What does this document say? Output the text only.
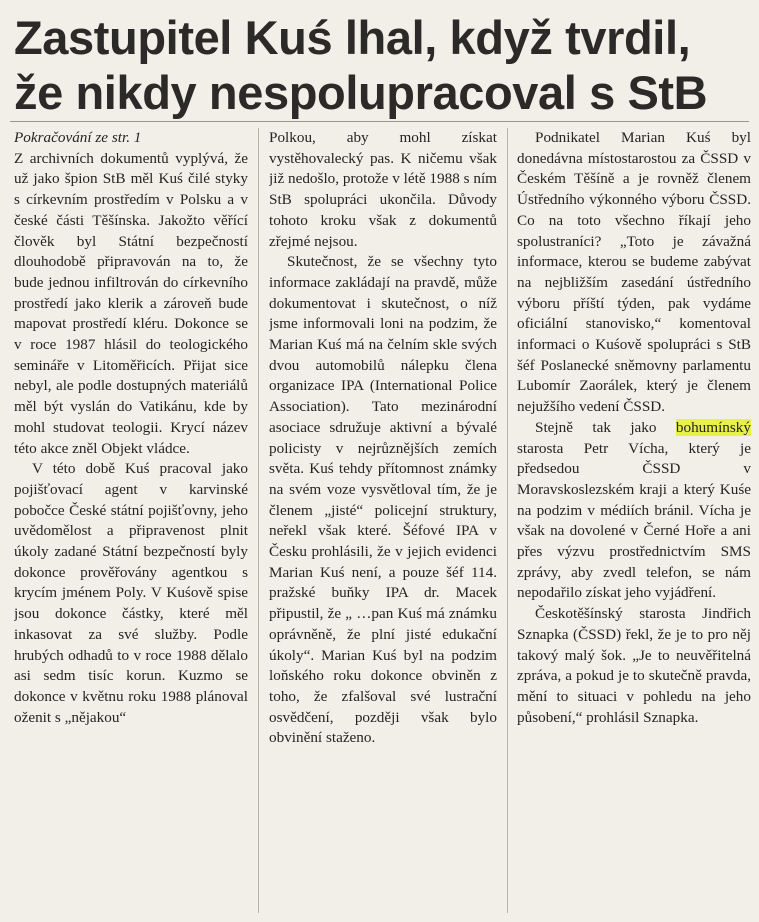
Zastupitel Kuś lhal, když tvrdil,
že nikdy nespolupracoval s StB
Pokračování ze str. 1

Z archivních dokumentů vyplývá, že už jako špion StB měl Kuś čilé styky s církevním prostředím v Polsku a v české části Těšínska. Jakožto věřící člověk byl Státní bezpečností dlouhodobě připravován na to, že bude jednou infiltrován do církevního prostředí jako klerik a zároveň bude mapovat prostředí kléru. Dokonce se v roce 1987 hlásil do teologického semináře v Litoměřicích. Přijat sice nebyl, ale podle dostupných materiálů měl být vyslán do Vatikánu, kde by mohl studovat teologii. Krycí název této akce zněl Objekt vládce.

V této době Kuś pracoval jako pojišťovací agent v karvinské pobočce České státní pojišťovny, jeho uvědomělost a připravenost plnit úkoly zadané Státní bezpečností byly dokonce prověřovány agentkou s krycím jménem Poly. V Kuśově spise jsou dokonce částky, které měl inkasovat za své služby. Podle hrubých odhadů to v roce 1988 dělalo asi sedm tisíc korun. Kuzmo se dokonce v květnu roku 1988 plánoval oženit s „nějakou“

Polkou, aby mohl získat vystěhovalecký pas. K ničemu však již nedošlo, protože v létě 1988 s ním StB spolupráci ukončila. Důvody tohoto kroku však z dokumentů zřejmé nejsou.

Skutečnost, že se všechny tyto informace zakládají na pravdě, může dokumentovat i skutečnost, o níž jsme informovali loni na podzim, že Marian Kuś má na čelním skle svých dvou automobilů nálepku člena organizace IPA (International Police Association). Tato mezinárodní asociace sdružuje aktivní a bývalé policisty v nejrůznějších zemích světa. Kuś tehdy přítomnost známky na svém voze vysvětloval tím, že je členem „jisté“ policejní struktury, neřekl však které. Šéfové IPA v Česku prohlásili, že v jejich evidenci Marian Kuś není, a pouze šéf 114. pražské buňky IPA dr. Macek připustil, že „ …pan Kuś má známku oprávněně, že plní jisté edukační úkoly“. Marian Kuś byl na podzim loňského roku dokonce obviněn z toho, že zfalšoval své lustrační osvědčení, později však bylo obvinění staženo.

Podnikatel Marian Kuś byl donedávna místostarostou za ČSSD v Českém Těšíně a je rovněž členem Ústředního výkonného výboru ČSSD. Co na toto všechno říkají jeho spolustraníci? „Toto je závažná informace, kterou se budeme zabývat na nejbližším zasedání ústředního výboru příští týden, pak vydáme oficiální stanovisko,“ komentoval informaci o Kuśově spolupráci s StB šéf Poslanecké sněmovny parlamentu Lubomír Zaorálek, který je členem nejužšího vedení ČSSD.

Stejně tak jako bohumínský starosta Petr Vícha, který je předsedou ČSSD v Moravskoslezském kraji a který Kuśe na podzim v médiích bránil. Vícha je však na dovolené v Černé Hoře a ani přes výzvu prostřednictvím SMS zprávy, aby zvedl telefon, se nám nepodařilo získat jeho vyjádření.

Českotěšínský starosta Jindřich Sznapka (ČSSD) řekl, že je to pro něj takový malý šok. „Je to neuvěřitelná zpráva, a pokud je to skutečně pravda, mění to situaci v pohledu na jeho působení,“ prohlásil Sznapka.
